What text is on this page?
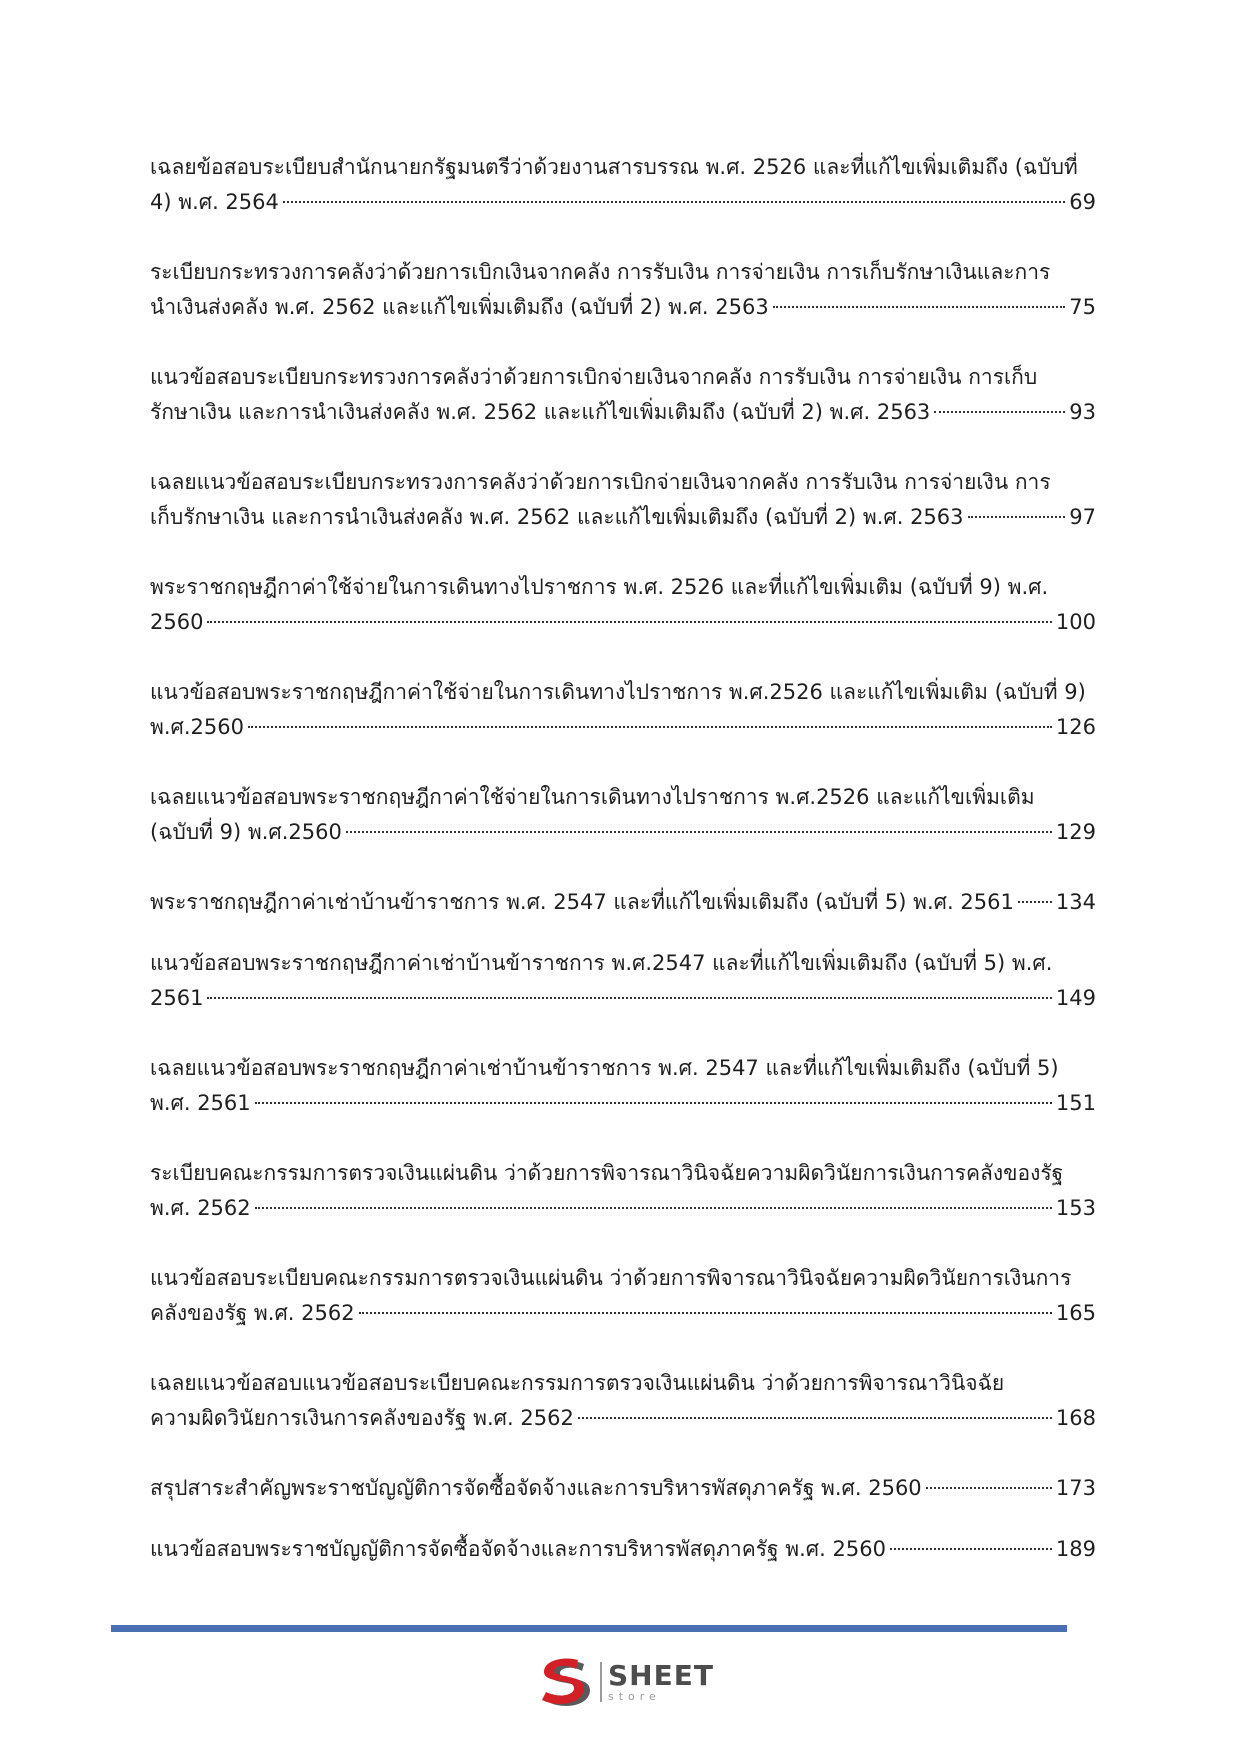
เฉลยข้อสอบระเบียบสำนักนายกรัฐมนตรีว่าด้วยงานสารบรรณ พ.ศ. 2526 และที่แก้ไขเพิ่มเติมถึง (ฉบับที่
4) พ.ศ. 2564	69
ระเบียบกระทรวงการคลังว่าด้วยการเบิกเงินจากคลัง การรับเงิน การจ่ายเงิน การเก็บรักษาเงินและการ
นำเงินส่งคลัง พ.ศ. 2562 และแก้ไขเพิ่มเติมถึง (ฉบับที่ 2) พ.ศ. 2563	75
แนวข้อสอบระเบียบกระทรวงการคลังว่าด้วยการเบิกจ่ายเงินจากคลัง การรับเงิน การจ่ายเงิน การเก็บ
รักษาเงิน และการนำเงินส่งคลัง พ.ศ. 2562 และแก้ไขเพิ่มเติมถึง (ฉบับที่ 2) พ.ศ. 2563	93
เฉลยแนวข้อสอบระเบียบกระทรวงการคลังว่าด้วยการเบิกจ่ายเงินจากคลัง การรับเงิน การจ่ายเงิน การ
เก็บรักษาเงิน และการนำเงินส่งคลัง พ.ศ. 2562 และแก้ไขเพิ่มเติมถึง (ฉบับที่ 2) พ.ศ. 2563	97
พระราชกฤษฎีกาค่าใช้จ่ายในการเดินทางไปราชการ พ.ศ. 2526 และที่แก้ไขเพิ่มเติม (ฉบับที่ 9) พ.ศ.
2560	100
แนวข้อสอบพระราชกฤษฎีกาค่าใช้จ่ายในการเดินทางไปราชการ พ.ศ.2526 และแก้ไขเพิ่มเติม (ฉบับที่ 9)
พ.ศ.2560	126
เฉลยแนวข้อสอบพระราชกฤษฎีกาค่าใช้จ่ายในการเดินทางไปราชการ พ.ศ.2526 และแก้ไขเพิ่มเติม
(ฉบับที่ 9) พ.ศ.2560	129
พระราชกฤษฎีกาค่าเช่าบ้านข้าราชการ พ.ศ. 2547 และที่แก้ไขเพิ่มเติมถึง (ฉบับที่ 5) พ.ศ. 2561 134
แนวข้อสอบพระราชกฤษฎีกาค่าเช่าบ้านข้าราชการ พ.ศ.2547 และที่แก้ไขเพิ่มเติมถึง (ฉบับที่ 5) พ.ศ.
2561	149
เฉลยแนวข้อสอบพระราชกฤษฎีกาค่าเช่าบ้านข้าราชการ พ.ศ. 2547 และที่แก้ไขเพิ่มเติมถึง (ฉบับที่ 5)
พ.ศ. 2561	151
ระเบียบคณะกรรมการตรวจเงินแผ่นดิน ว่าด้วยการพิจารณาวินิจฉัยความผิดวินัยการเงินการคลังของรัฐ
พ.ศ. 2562	153
แนวข้อสอบระเบียบคณะกรรมการตรวจเงินแผ่นดิน ว่าด้วยการพิจารณาวินิจฉัยความผิดวินัยการเงินการ
คลังของรัฐ พ.ศ. 2562	165
เฉลยแนวข้อสอบแนวข้อสอบระเบียบคณะกรรมการตรวจเงินแผ่นดิน ว่าด้วยการพิจารณาวินิจฉัย
ความผิดวินัยการเงินการคลังของรัฐ พ.ศ. 2562	168
สรุปสาระสำคัญพระราชบัญญัติการจัดซื้อจัดจ้างและการบริหารพัสดุภาครัฐ พ.ศ. 2560	173
แนวข้อสอบพระราชบัญญัติการจัดซื้อจัดจ้างและการบริหารพัสดุภาครัฐ พ.ศ. 2560	189
SHEET
store
